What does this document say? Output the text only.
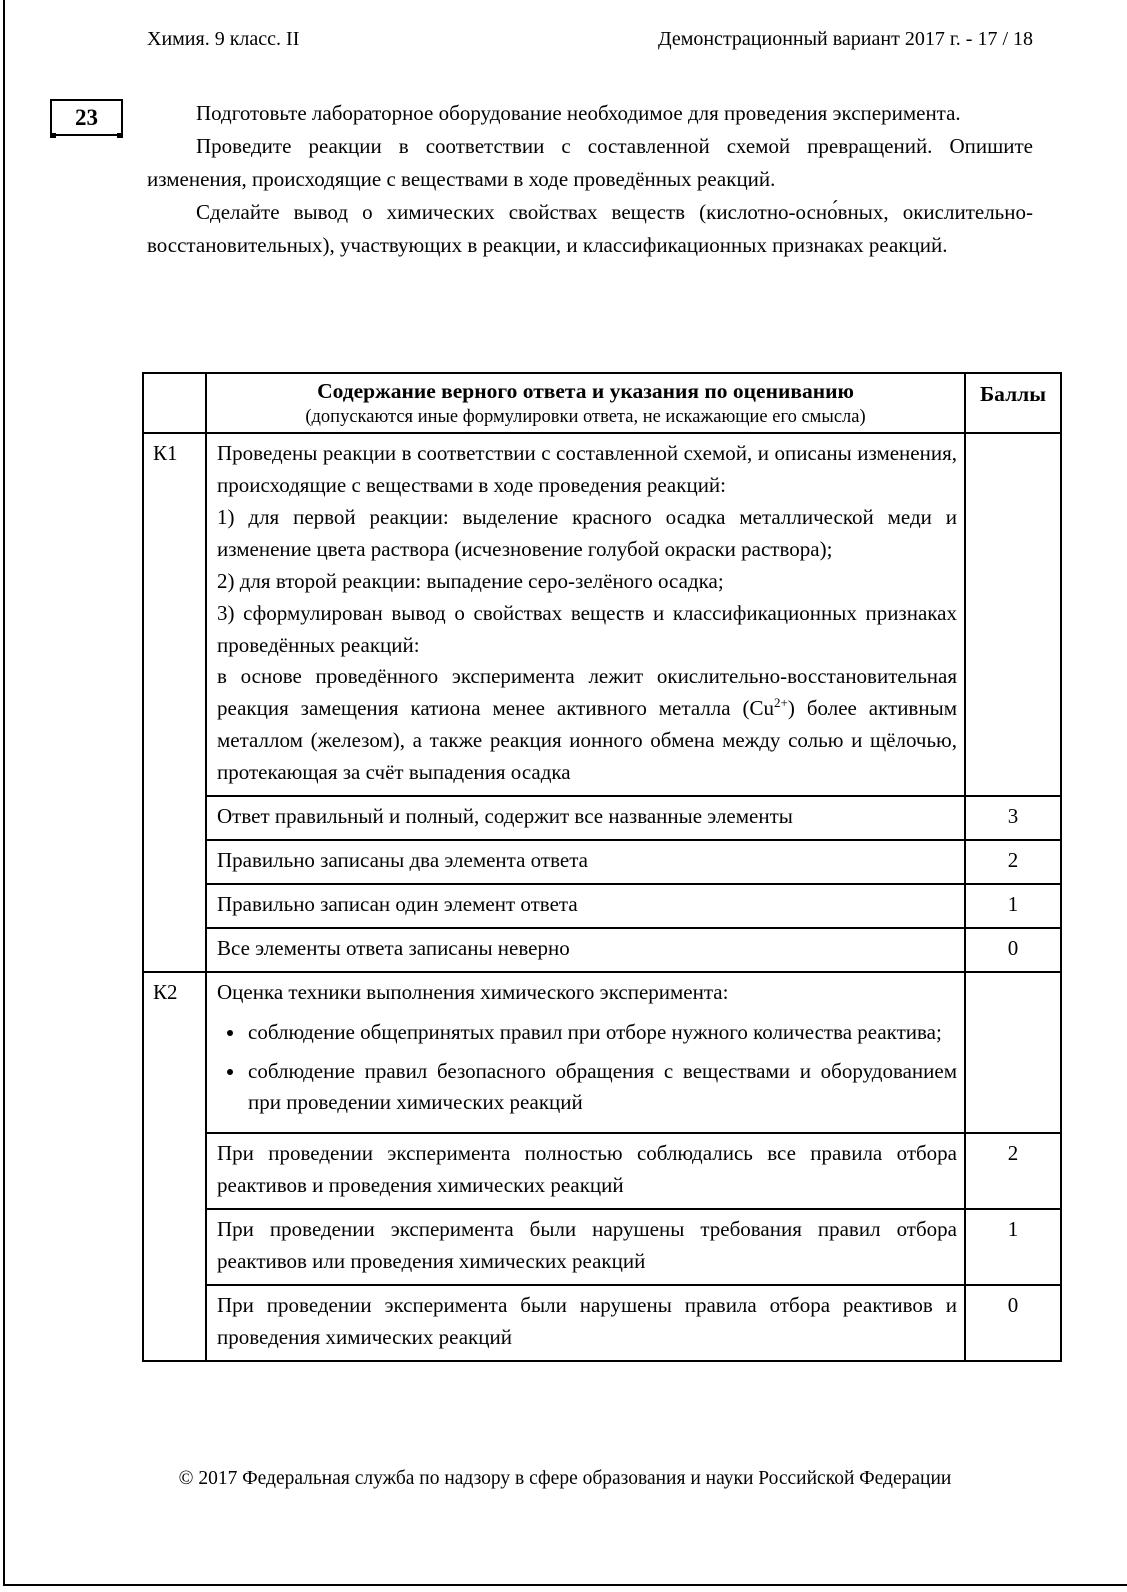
Химия. 9 класс. II	Демонстрационный вариант 2017 г. - 17 / 18
23	Подготовьте лабораторное оборудование необходимое для проведения эксперимента.

Проведите реакции в соответствии с составленной схемой превращений. Опишите изменения, происходящие с веществами в ходе проведённых реакций.

Сделайте вывод о химических свойствах веществ (кислотно-осно́вных, окислительно-восстановительных), участвующих в реакции, и классификационных признаках реакций.

	Содержание верного ответа и указания по оцениванию
(допускаются иные формулировки ответа, не искажающие его смысла)	Баллы
К1	Проведены реакции в соответствии с составленной схемой, и описаны изменения, происходящие с веществами в ходе проведения реакций:

1) для первой реакции: выделение красного осадка металлической меди и изменение цвета раствора (исчезновение голубой окраски раствора);

2) для второй реакции: выпадение серо-зелёного осадка;

3) сформулирован вывод о свойствах веществ и классификационных признаках проведённых реакций:

в основе проведённого эксперимента лежит окислительно-восстановительная реакция замещения катиона менее активного металла $(Cu^{2+})$ более активным металлом (железом), а также реакция ионного обмена между солью и щёлочью, протекающая за счёт выпадения осадка	

	Ответ правильный и полный, содержит все названные элементы	3
	Правильно записаны два элемента ответа	2
	Правильно записан один элемент ответа	1
	Все элементы ответа записаны неверно	0
К2	Оценка техники выполнения химического эксперимента:

• соблюдение общепринятых правил при отборе нужного количества реактива;
• соблюдение правил безопасного обращения с веществами и оборудованием при проведении химических реакций

	При проведении эксперимента полностью соблюдались все правила отбора реактивов и проведения химических реакций	2
	При проведении эксперимента были нарушены требования правил отбора реактивов или проведения химических реакций	1
	При проведении эксперимента были нарушены правила отбора реактивов и проведения химических реакций	0
© 2017 Федеральная служба по надзору в сфере образования и науки Российской Федерации
